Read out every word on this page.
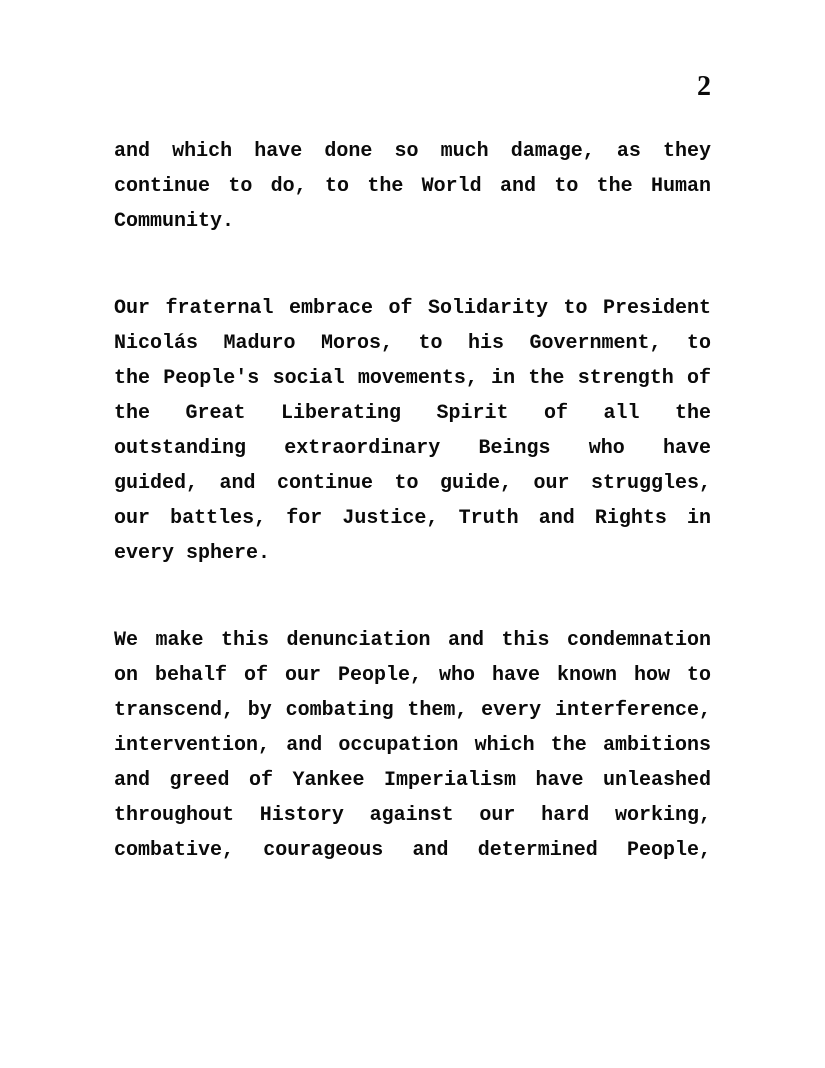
2
and which have done so much damage, as they
continue to do, to the World and to the Human
Community.
Our fraternal embrace of Solidarity to President
Nicolás Maduro Moros, to his Government, to
the People's social movements, in the strength of
the Great Liberating Spirit of all the
outstanding extraordinary Beings who have
guided, and continue to guide, our struggles,
our battles, for Justice, Truth and Rights in
every sphere.
We make this denunciation and this condemnation
on behalf of our People, who have known how to
transcend, by combating them, every interference,
intervention, and occupation which the ambitions
and greed of Yankee Imperialism have unleashed
throughout History against our hard working,
combative, courageous and determined People,
